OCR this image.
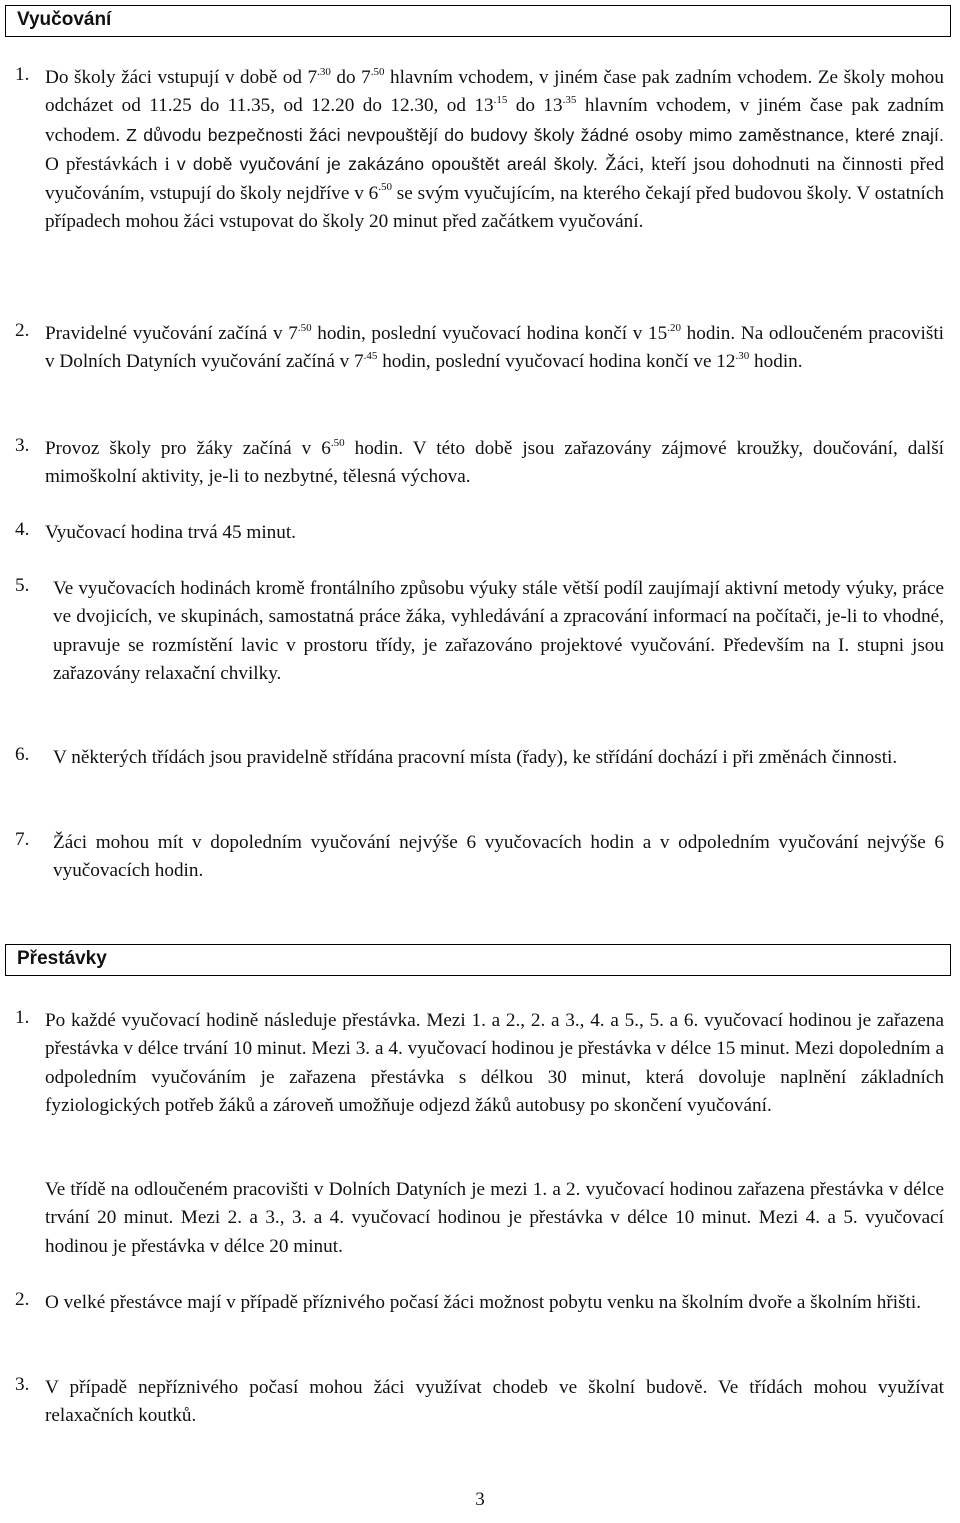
Vyučování
1. Do školy žáci vstupují v době od $7^{.30}$ do $7^{.50}$ hlavním vchodem, v jiném čase pak zadním vchodem. Ze školy mohou odcházet od 11.25 do 11.35, od 12.20 do 12.30, od $13^{.15}$ do $13^{.35}$ hlavním vchodem, v jiném čase pak zadním vchodem. Z důvodu bezpečnosti žáci nevpouštějí do budovy školy žádné osoby mimo zaměstnance, které znají. O přestávkách i v době vyučování je zakázáno opouštět areál školy. Žáci, kteří jsou dohodnuti na činnosti před vyučováním, vstupují do školy nejdříve v $6^{.50}$ se svým vyučujícím, na kterého čekají před budovou školy. V ostatních případech mohou žáci vstupovat do školy 20 minut před začátkem vyučování.
2. Pravidelné vyučování začíná v $7^{.50}$ hodin, poslední vyučovací hodina končí v $15^{.20}$ hodin. Na odloučeném pracovišti v Dolních Datyních vyučování začíná v $7^{.45}$ hodin, poslední vyučovací hodina končí ve $12^{.30}$ hodin.
3. Provoz školy pro žáky začíná v $6^{.50}$ hodin. V této době jsou zařazovány zájmové kroužky, doučování, další mimoškolní aktivity, je-li to nezbytné, tělesná výchova.
4. Vyučovací hodina trvá 45 minut.
5. Ve vyučovacích hodinách kromě frontálního způsobu výuky stále větší podíl zaujímají aktivní metody výuky, práce ve dvojicích, ve skupinách, samostatná práce žáka, vyhledávání a zpracování informací na počítači, je-li to vhodné, upravuje se rozmístění lavic v prostoru třídy, je zařazováno projektové vyučování. Především na I. stupni jsou zařazovány relaxační chvilky.
6. V některých třídách jsou pravidelně střídána pracovní místa (řady), ke střídání dochází i při změnách činnosti.
7. Žáci mohou mít v dopoledním vyučování nejvýše 6 vyučovacích hodin a v odpoledním vyučování nejvýše 6 vyučovacích hodin.
Přestávky
1. Po každé vyučovací hodině následuje přestávka. Mezi 1. a 2., 2. a 3., 4. a 5., 5. a 6. vyučovací hodinou je zařazena přestávka v délce trvání 10 minut. Mezi 3. a 4. vyučovací hodinou je přestávka v délce 15 minut. Mezi dopoledním a odpoledním vyučováním je zařazena přestávka s délkou 30 minut, která dovoluje naplnění základních fyziologických potřeb žáků a zároveň umožňuje odjezd žáků autobusy po skončení vyučování.
Ve třídě na odloučeném pracovišti v Dolních Datyních je mezi 1. a 2. vyučovací hodinou zařazena přestávka v délce trvání 20 minut. Mezi 2. a 3., 3. a 4. vyučovací hodinou je přestávka v délce 10 minut. Mezi 4. a 5. vyučovací hodinou je přestávka v délce 20 minut.
2. O velké přestávce mají v případě příznivého počasí žáci možnost pobytu venku na školním dvoře a školním hřišti.
3. V případě nepříznivého počasí mohou žáci využívat chodeb ve školní budově. Ve třídách mohou využívat relaxačních koutků.
3
